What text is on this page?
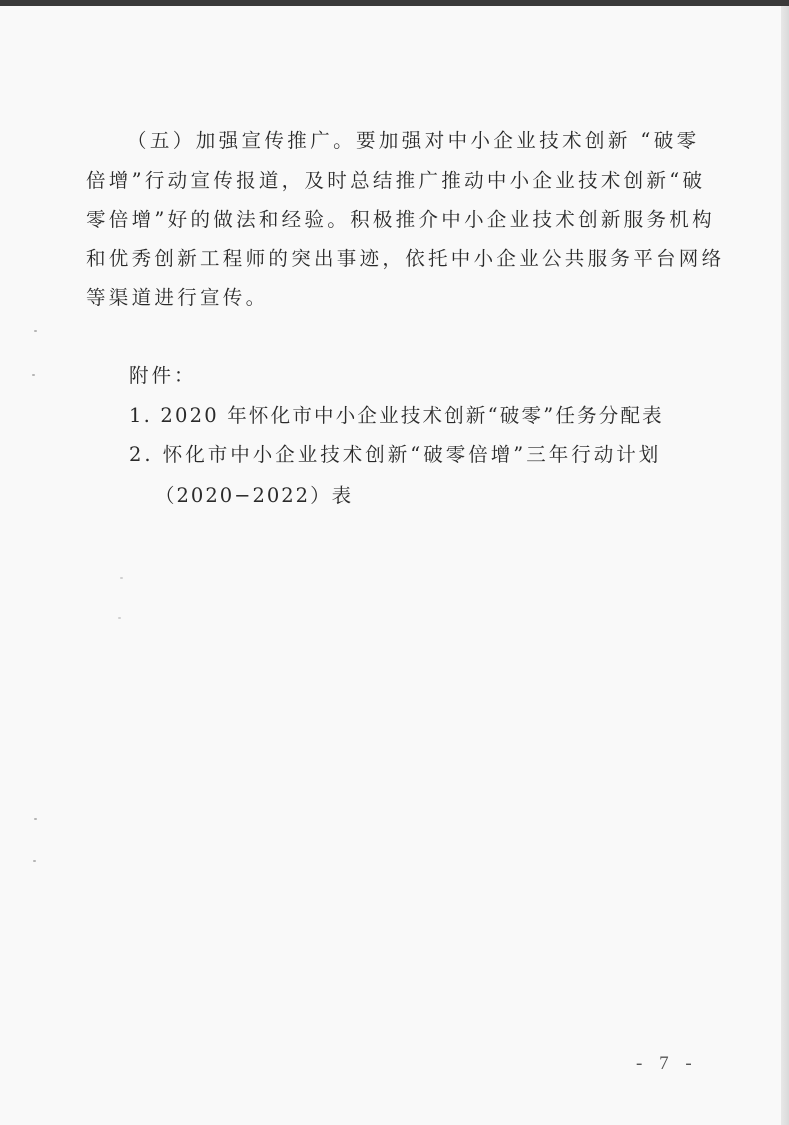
（五）加强宣传推广。要加强对中小企业技术创新 “破零
倍增”行动宣传报道，及时总结推广推动中小企业技术创新“破
零倍增”好的做法和经验。积极推介中小企业技术创新服务机构
和优秀创新工程师的突出事迹，依托中小企业公共服务平台网络
等渠道进行宣传。
附件：
1. 2020 年怀化市中小企业技术创新“破零”任务分配表
2. 怀化市中小企业技术创新“破零倍增”三年行动计划
（2020−2022）表
- 7 -
